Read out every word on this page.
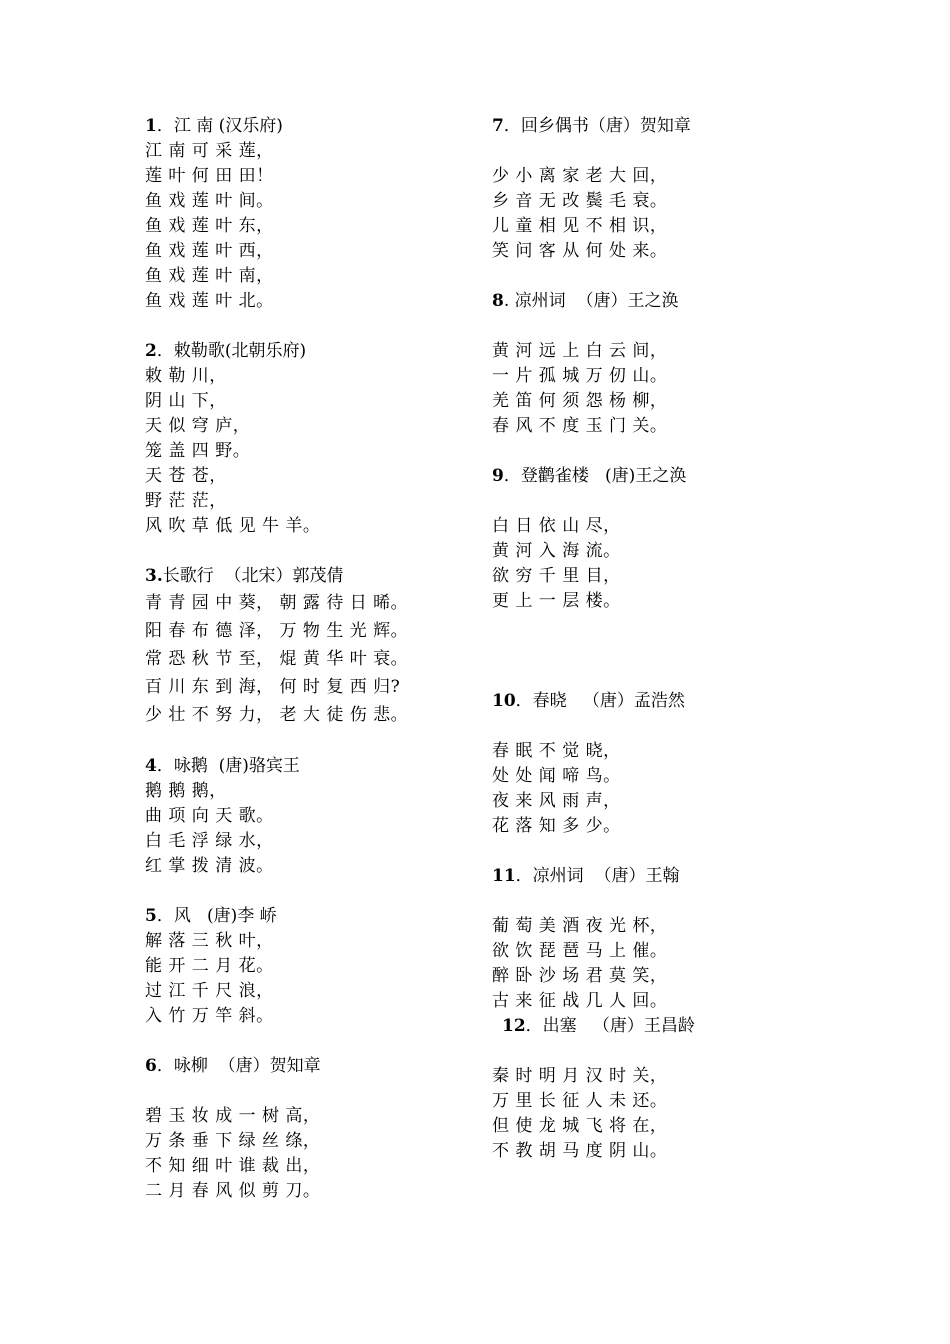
1．江 南 (汉乐府)
江 南 可 采 莲，
莲 叶 何 田 田！
鱼 戏 莲 叶 间。
鱼 戏 莲 叶 东，
鱼 戏 莲 叶 西，
鱼 戏 莲 叶 南，
鱼 戏 莲 叶 北。
2．敕勒歌(北朝乐府)
敕 勒 川，
阴 山 下，
天 似 穹 庐，
笼 盖 四 野。
天 苍 苍，
野 茫 茫，
风 吹 草 低 见 牛 羊。
3.长歌行  （北宋）郭茂倩
青 青 园 中 葵， 朝 露 待 日 晞。
阳 春 布 德 泽， 万 物 生 光 辉。
常 恐 秋 节 至， 焜 黄 华 叶 衰。
百 川 东 到 海， 何 时 复 西 归?
少 壮 不 努 力， 老 大 徒 伤 悲。
4．咏鹅  (唐)骆宾王
鹅 鹅 鹅，
曲 项 向 天 歌。
白 毛 浮 绿 水，
红 掌 拨 清 波。
5．风   (唐)李 峤
解 落 三 秋 叶，
能 开 二 月 花。
过 江 千 尺 浪，
入 竹 万 竿 斜。
6．咏柳  （唐）贺知章
碧 玉 妆 成 一 树 高，
万 条 垂 下 绿 丝 绦，
不 知 细 叶 谁 裁 出，
二 月 春 风 似 剪 刀。
7．回乡偶书（唐）贺知章
少 小 离 家 老 大 回，
乡 音 无 改 鬓 毛 衰。
儿 童 相 见 不 相 识，
笑 问 客 从 何 处 来。
8. 凉州词  （唐）王之涣
黄 河 远 上 白 云 间，
一 片 孤 城 万 仞 山。
羌 笛 何 须 怨 杨 柳，
春 风 不 度 玉 门 关。
9．登鹳雀楼   (唐)王之涣
白 日 依 山 尽，
黄 河 入 海 流。
欲 穷 千 里 目，
更 上 一 层 楼。
10．春晓   （唐）孟浩然
春 眠 不 觉 晓，
处 处 闻 啼 鸟。
夜 来 风 雨 声，
花 落 知 多 少。
11．凉州词  （唐）王翰
葡 萄 美 酒 夜 光 杯，
欲 饮 琵 琶 马 上 催。
醉 卧 沙 场 君 莫 笑，
古 来 征 战 几 人 回。
12．出塞   （唐）王昌龄
秦 时 明 月 汉 时 关，
万 里 长 征 人 未 还。
但 使 龙 城 飞 将 在，
不 教 胡 马 度 阴 山。
